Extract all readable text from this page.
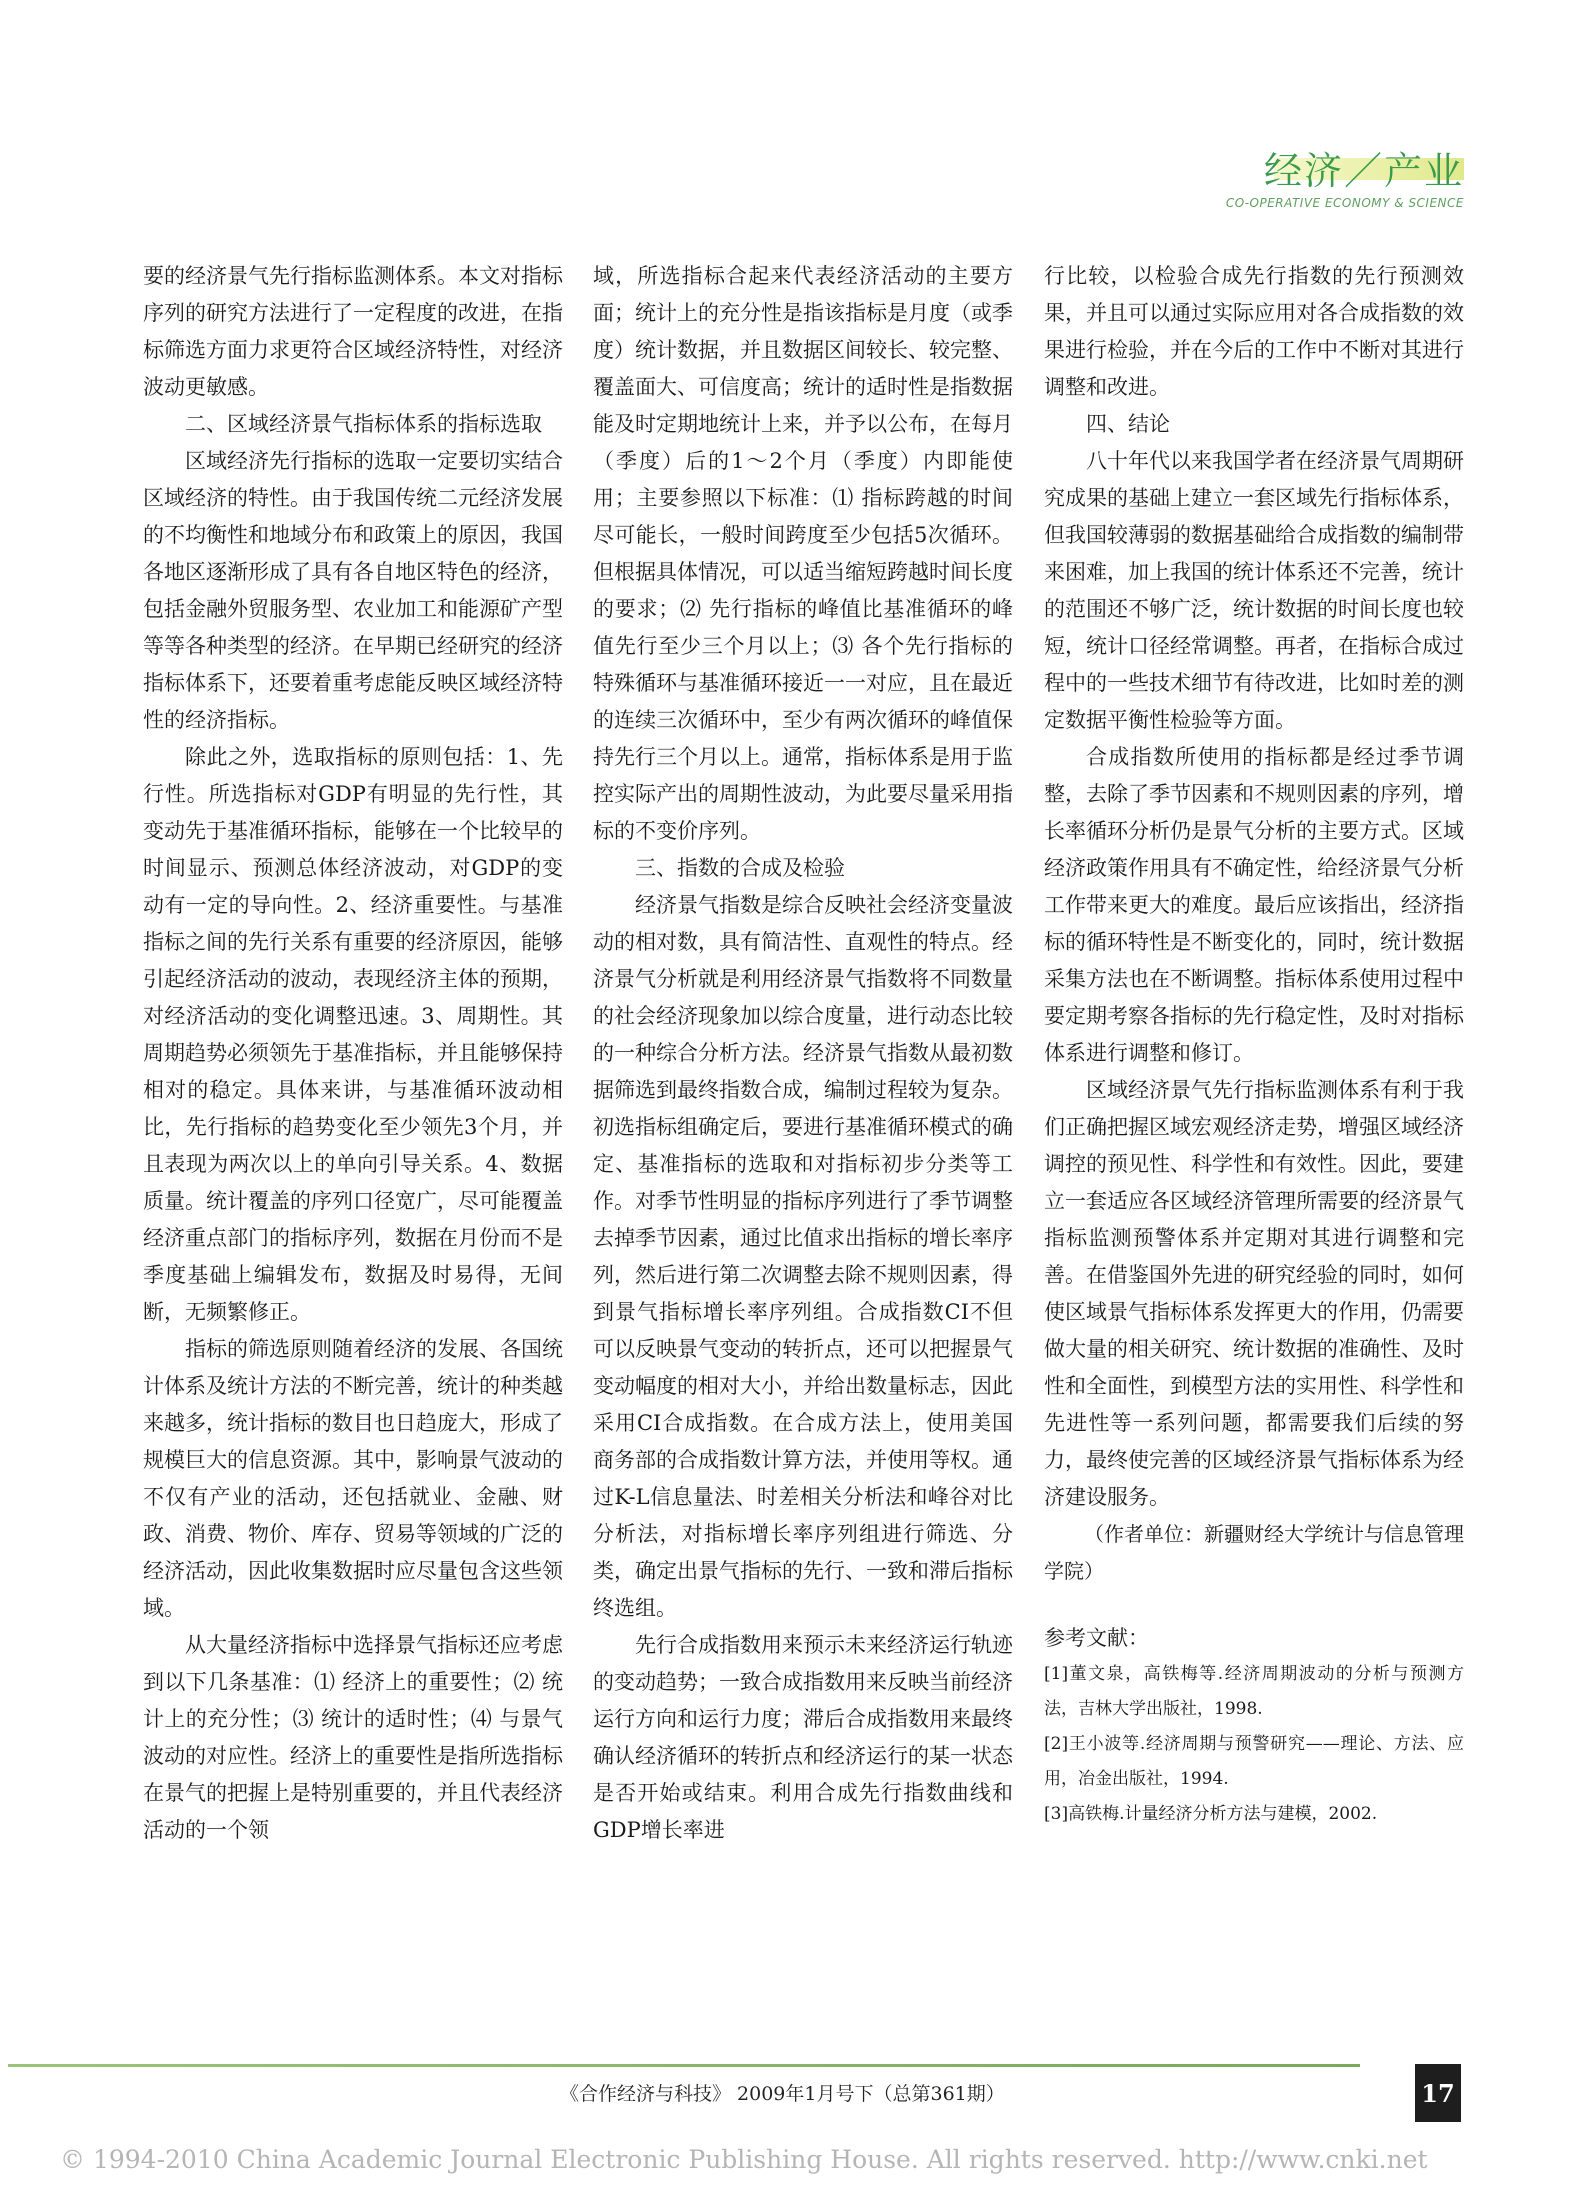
经济／产业
CO-OPERATIVE ECONOMY & SCIENCE

要的经济景气先行指标监测体系。本文对指标序列的研究方法进行了一定程度的改进，在指标筛选方面力求更符合区域经济特性，对经济波动更敏感。

二、区域经济景气指标体系的指标选取

区域经济先行指标的选取一定要切实结合区域经济的特性。由于我国传统二元经济发展的不均衡性和地域分布和政策上的原因，我国各地区逐渐形成了具有各自地区特色的经济，包括金融外贸服务型、农业加工和能源矿产型等等各种类型的经济。在早期已经研究的经济指标体系下，还要着重考虑能反映区域经济特性的经济指标。

除此之外，选取指标的原则包括：1、先行性。所选指标对GDP有明显的先行性，其变动先于基准循环指标，能够在一个比较早的时间显示、预测总体经济波动，对GDP的变动有一定的导向性。2、经济重要性。与基准指标之间的先行关系有重要的经济原因，能够引起经济活动的波动，表现经济主体的预期，对经济活动的变化调整迅速。3、周期性。其周期趋势必须领先于基准指标，并且能够保持相对的稳定。具体来讲，与基准循环波动相比，先行指标的趋势变化至少领先3个月，并且表现为两次以上的单向引导关系。4、数据质量。统计覆盖的序列口径宽广，尽可能覆盖经济重点部门的指标序列，数据在月份而不是季度基础上编辑发布，数据及时易得，无间断，无频繁修正。

指标的筛选原则随着经济的发展、各国统计体系及统计方法的不断完善，统计的种类越来越多，统计指标的数目也日趋庞大，形成了规模巨大的信息资源。其中，影响景气波动的不仅有产业的活动，还包括就业、金融、财政、消费、物价、库存、贸易等领域的广泛的经济活动，因此收集数据时应尽量包含这些领域。

从大量经济指标中选择景气指标还应考虑到以下几条基准：⑴ 经济上的重要性；⑵ 统计上的充分性；⑶ 统计的适时性；⑷ 与景气波动的对应性。经济上的重要性是指所选指标在景气的把握上是特别重要的，并且代表经济活动的一个领

域，所选指标合起来代表经济活动的主要方面；统计上的充分性是指该指标是月度（或季度）统计数据，并且数据区间较长、较完整、覆盖面大、可信度高；统计的适时性是指数据能及时定期地统计上来，并予以公布，在每月（季度）后的1～2个月（季度）内即能使用；主要参照以下标准：⑴ 指标跨越的时间尽可能长，一般时间跨度至少包括5次循环。但根据具体情况，可以适当缩短跨越时间长度的要求；⑵ 先行指标的峰值比基准循环的峰值先行至少三个月以上；⑶ 各个先行指标的特殊循环与基准循环接近一一对应，且在最近的连续三次循环中，至少有两次循环的峰值保持先行三个月以上。通常，指标体系是用于监控实际产出的周期性波动，为此要尽量采用指标的不变价序列。

三、指数的合成及检验

经济景气指数是综合反映社会经济变量波动的相对数，具有简洁性、直观性的特点。经济景气分析就是利用经济景气指数将不同数量的社会经济现象加以综合度量，进行动态比较的一种综合分析方法。经济景气指数从最初数据筛选到最终指数合成，编制过程较为复杂。初选指标组确定后，要进行基准循环模式的确定、基准指标的选取和对指标初步分类等工作。对季节性明显的指标序列进行了季节调整去掉季节因素，通过比值求出指标的增长率序列，然后进行第二次调整去除不规则因素，得到景气指标增长率序列组。合成指数CI不但可以反映景气变动的转折点，还可以把握景气变动幅度的相对大小，并给出数量标志，因此采用CI合成指数。在合成方法上，使用美国商务部的合成指数计算方法，并使用等权。通过K-L信息量法、时差相关分析法和峰谷对比分析法，对指标增长率序列组进行筛选、分类，确定出景气指标的先行、一致和滞后指标终选组。

先行合成指数用来预示未来经济运行轨迹的变动趋势；一致合成指数用来反映当前经济运行方向和运行力度；滞后合成指数用来最终确认经济循环的转折点和经济运行的某一状态是否开始或结束。利用合成先行指数曲线和GDP增长率进

行比较，以检验合成先行指数的先行预测效果，并且可以通过实际应用对各合成指数的效果进行检验，并在今后的工作中不断对其进行调整和改进。

四、结论

八十年代以来我国学者在经济景气周期研究成果的基础上建立一套区域先行指标体系，但我国较薄弱的数据基础给合成指数的编制带来困难，加上我国的统计体系还不完善，统计的范围还不够广泛，统计数据的时间长度也较短，统计口径经常调整。再者，在指标合成过程中的一些技术细节有待改进，比如时差的测定数据平衡性检验等方面。

合成指数所使用的指标都是经过季节调整，去除了季节因素和不规则因素的序列，增长率循环分析仍是景气分析的主要方式。区域经济政策作用具有不确定性，给经济景气分析工作带来更大的难度。最后应该指出，经济指标的循环特性是不断变化的，同时，统计数据采集方法也在不断调整。指标体系使用过程中要定期考察各指标的先行稳定性，及时对指标体系进行调整和修订。

区域经济景气先行指标监测体系有利于我们正确把握区域宏观经济走势，增强区域经济调控的预见性、科学性和有效性。因此，要建立一套适应各区域经济管理所需要的经济景气指标监测预警体系并定期对其进行调整和完善。在借鉴国外先进的研究经验的同时，如何使区域景气指标体系发挥更大的作用，仍需要做大量的相关研究、统计数据的准确性、及时性和全面性，到模型方法的实用性、科学性和先进性等一系列问题，都需要我们后续的努力，最终使完善的区域经济景气指标体系为经济建设服务。

（作者单位：新疆财经大学统计与信息管理学院）

参考文献：

[1]董文泉，高铁梅等.经济周期波动的分析与预测方法，吉林大学出版社，1998.

[2]王小波等.经济周期与预警研究——理论、方法、应用，冶金出版社，1994.

[3]高铁梅.计量经济分析方法与建模，2002.

《合作经济与科技》 2009年1月号下（总第361期）	17
© 1994-2010 China Academic Journal Electronic Publishing House. All rights reserved. http://www.cnki.net
